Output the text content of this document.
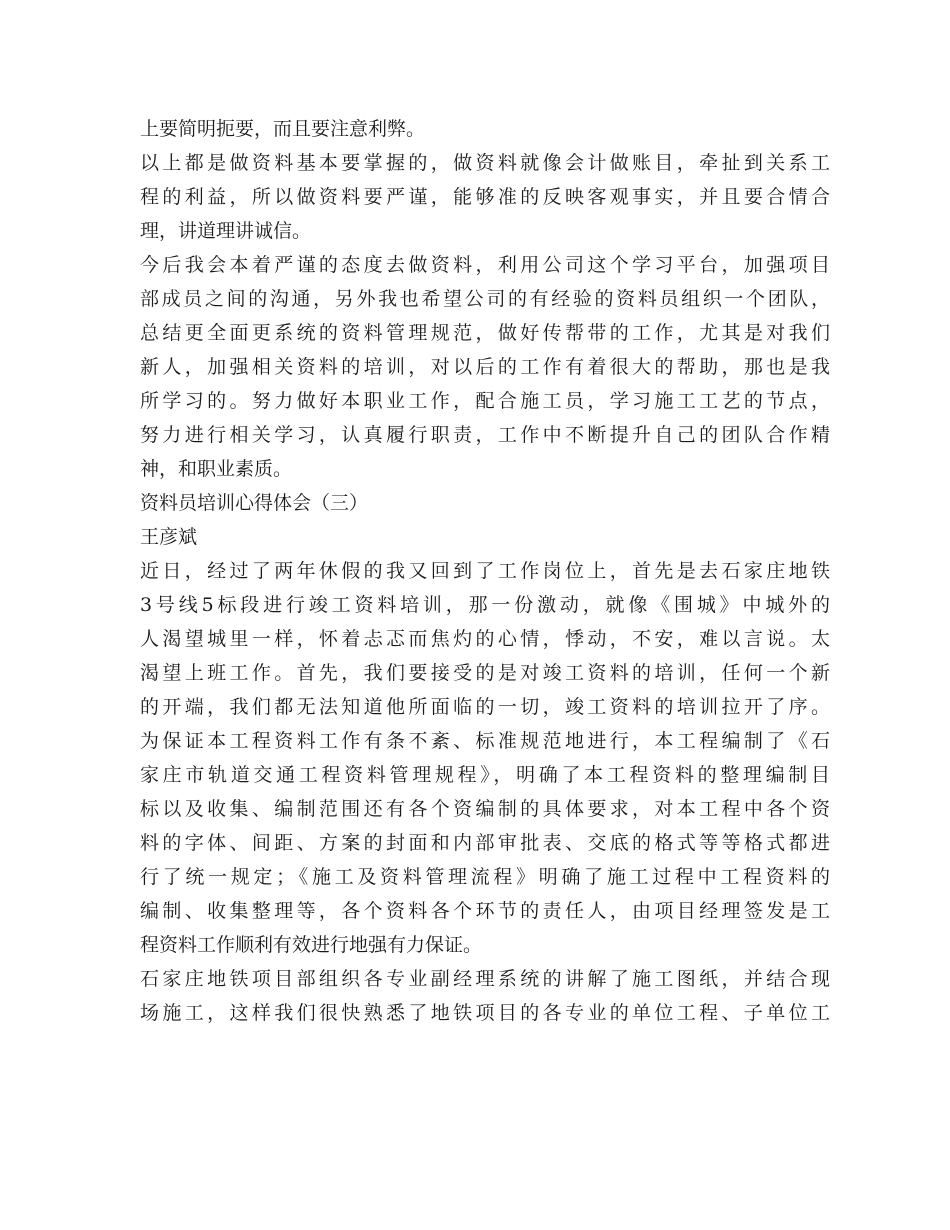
上要简明扼要，而且要注意利弊。
以上都是做资料基本要掌握的，做资料就像会计做账目，牵扯到关系工
程的利益，所以做资料要严谨，能够准的反映客观事实，并且要合情合
理，讲道理讲诚信。
今后我会本着严谨的态度去做资料，利用公司这个学习平台，加强项目
部成员之间的沟通，另外我也希望公司的有经验的资料员组织一个团队，
总结更全面更系统的资料管理规范，做好传帮带的工作，尤其是对我们
新人，加强相关资料的培训，对以后的工作有着很大的帮助，那也是我
所学习的。努力做好本职业工作，配合施工员，学习施工工艺的节点，
努力进行相关学习，认真履行职责，工作中不断提升自己的团队合作精
神，和职业素质。
资料员培训心得体会（三）
王彦斌
近日，经过了两年休假的我又回到了工作岗位上，首先是去石家庄地铁
3号线5标段进行竣工资料培训，那一份激动，就像《围城》中城外的
人渴望城里一样，怀着忐忑而焦灼的心情，悸动，不安，难以言说。太
渴望上班工作。首先，我们要接受的是对竣工资料的培训，任何一个新
的开端，我们都无法知道他所面临的一切，竣工资料的培训拉开了序。
为保证本工程资料工作有条不紊、标准规范地进行，本工程编制了《石
家庄市轨道交通工程资料管理规程》，明确了本工程资料的整理编制目
标以及收集、编制范围还有各个资编制的具体要求，对本工程中各个资
料的字体、间距、方案的封面和内部审批表、交底的格式等等格式都进
行了统一规定；《施工及资料管理流程》明确了施工过程中工程资料的
编制、收集整理等，各个资料各个环节的责任人，由项目经理签发是工
程资料工作顺利有效进行地强有力保证。
石家庄地铁项目部组织各专业副经理系统的讲解了施工图纸，并结合现
场施工，这样我们很快熟悉了地铁项目的各专业的单位工程、子单位工
